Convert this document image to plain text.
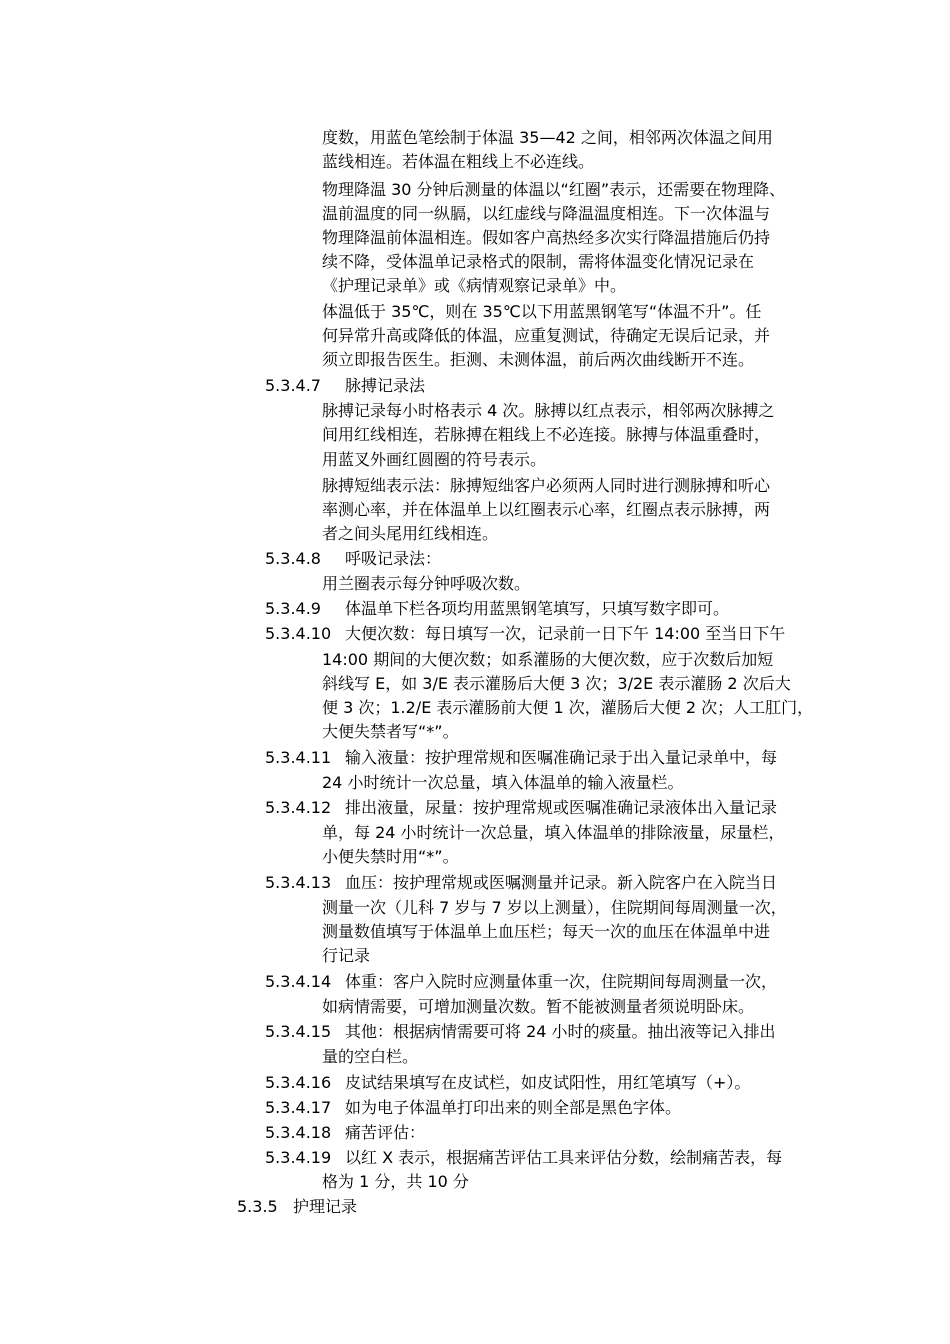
度数，用蓝色笔绘制于体温 35—42 之间，相邻两次体温之间用
蓝线相连。若体温在粗线上不必连线。
物理降温 30 分钟后测量的体温以“红圈”表示，还需要在物理降、
温前温度的同一纵膈，以红虚线与降温温度相连。下一次体温与
物理降温前体温相连。假如客户高热经多次实行降温措施后仍持
续不降，受体温单记录格式的限制，需将体温变化情况记录在
《护理记录单》或《病情观察记录单》中。
体温低于 35℃，则在 35℃以下用蓝黑钢笔写“体温不升”。任
何异常升高或降低的体温，应重复测试，待确定无误后记录，并
须立即报告医生。拒测、未测体温，前后两次曲线断开不连。
5.3.4.7 脉搏记录法
脉搏记录每小时格表示 4 次。脉搏以红点表示，相邻两次脉搏之
间用红线相连，若脉搏在粗线上不必连接。脉搏与体温重叠时，
用蓝叉外画红圆圈的符号表示。
脉搏短绌表示法：脉搏短绌客户必须两人同时进行测脉搏和听心
率测心率，并在体温单上以红圈表示心率，红圈点表示脉搏，两
者之间头尾用红线相连。
5.3.4.8 呼吸记录法：
用兰圈表示每分钟呼吸次数。
5.3.4.9 体温单下栏各项均用蓝黑钢笔填写，只填写数字即可。
5.3.4.10 大便次数：每日填写一次，记录前一日下午 14:00 至当日下午
14:00 期间的大便次数；如系灌肠的大便次数，应于次数后加短
斜线写 E，如 3/E 表示灌肠后大便 3 次；3/2E 表示灌肠 2 次后大
便 3 次；1.2/E 表示灌肠前大便 1 次，灌肠后大便 2 次；人工肛门，
大便失禁者写“*”。
5.3.4.11 输入液量：按护理常规和医嘱准确记录于出入量记录单中，每
24 小时统计一次总量，填入体温单的输入液量栏。
5.3.4.12 排出液量，尿量：按护理常规或医嘱准确记录液体出入量记录
单，每 24 小时统计一次总量，填入体温单的排除液量，尿量栏，
小便失禁时用“*”。
5.3.4.13 血压：按护理常规或医嘱测量并记录。新入院客户在入院当日
测量一次（儿科 7 岁与 7 岁以上测量），住院期间每周测量一次，
测量数值填写于体温单上血压栏；每天一次的血压在体温单中进
行记录
5.3.4.14 体重：客户入院时应测量体重一次，住院期间每周测量一次，
如病情需要，可增加测量次数。暂不能被测量者须说明卧床。
5.3.4.15 其他：根据病情需要可将 24 小时的痰量。抽出液等记入排出
量的空白栏。
5.3.4.16 皮试结果填写在皮试栏，如皮试阳性，用红笔填写（+）。
5.3.4.17 如为电子体温单打印出来的则全部是黑色字体。
5.3.4.18 痛苦评估：
5.3.4.19 以红 X 表示，根据痛苦评估工具来评估分数，绘制痛苦表，每
格为 1 分，共 10 分
5.3.5 护理记录
